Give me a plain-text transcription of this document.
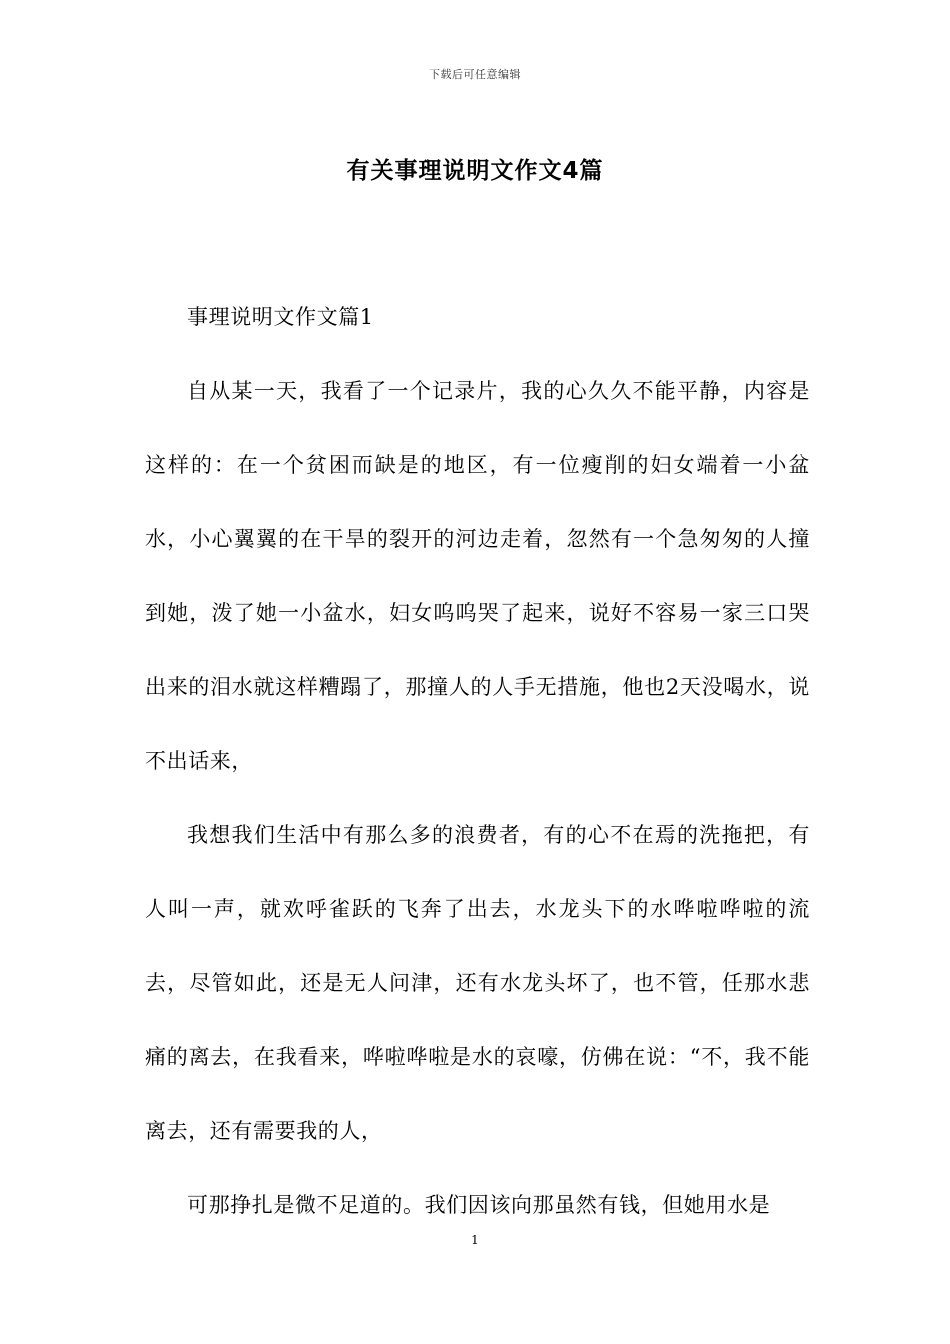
下载后可任意编辑
有关事理说明文作文4篇

事理说明文作文篇1

自从某一天，我看了一个记录片，我的心久久不能平静，内容是这样的：在一个贫困而缺是的地区，有一位瘦削的妇女端着一小盆水，小心翼翼的在干旱的裂开的河边走着，忽然有一个急匆匆的人撞到她，泼了她一小盆水，妇女呜呜哭了起来，说好不容易一家三口哭出来的泪水就这样糟蹋了，那撞人的人手无措施，他也2天没喝水，说不出话来，

我想我们生活中有那么多的浪费者，有的心不在焉的洗拖把，有人叫一声，就欢呼雀跃的飞奔了出去，水龙头下的水哗啦哗啦的流去，尽管如此，还是无人问津，还有水龙头坏了，也不管，任那水悲痛的离去，在我看来，哗啦哗啦是水的哀嚎，仿佛在说：“不，我不能离去，还有需要我的人，

可那挣扎是微不足道的。我们因该向那虽然有钱，但她用水是

1
